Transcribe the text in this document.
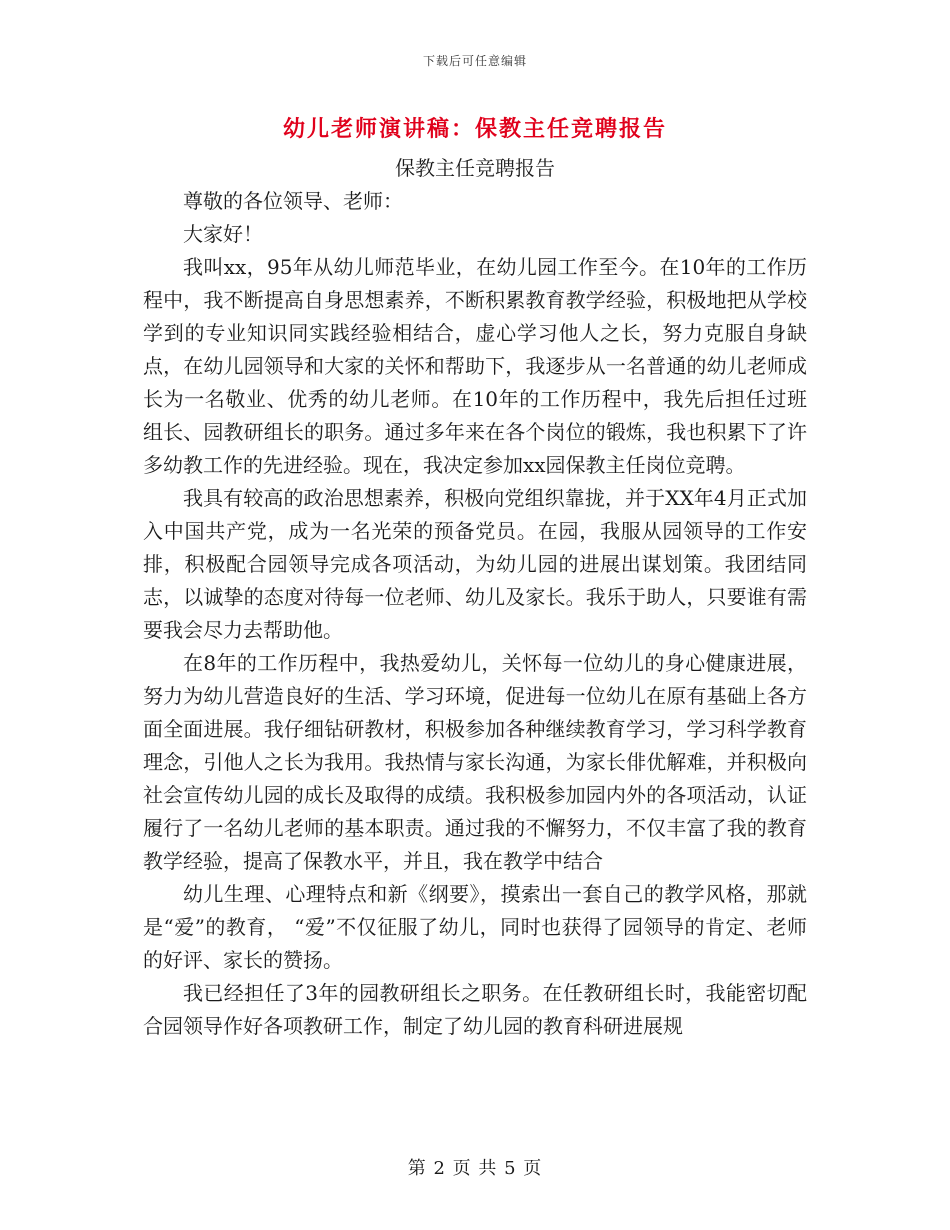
下载后可任意编辑
幼儿老师演讲稿：保教主任竞聘报告

保教主任竞聘报告

尊敬的各位领导、老师：

大家好！

我叫xx，95年从幼儿师范毕业，在幼儿园工作至今。在10年的工作历程中，我不断提高自身思想素养，不断积累教育教学经验，积极地把从学校学到的专业知识同实践经验相结合，虚心学习他人之长，努力克服自身缺点，在幼儿园领导和大家的关怀和帮助下，我逐步从一名普通的幼儿老师成长为一名敬业、优秀的幼儿老师。在10年的工作历程中，我先后担任过班组长、园教研组长的职务。通过多年来在各个岗位的锻炼，我也积累下了许多幼教工作的先进经验。现在，我决定参加xx园保教主任岗位竞聘。

我具有较高的政治思想素养，积极向党组织靠拢，并于XX年4月正式加入中国共产党，成为一名光荣的预备党员。在园，我服从园领导的工作安排，积极配合园领导完成各项活动，为幼儿园的进展出谋划策。我团结同志，以诚挚的态度对待每一位老师、幼儿及家长。我乐于助人，只要谁有需要我会尽力去帮助他。

在8年的工作历程中，我热爱幼儿，关怀每一位幼儿的身心健康进展，努力为幼儿营造良好的生活、学习环境，促进每一位幼儿在原有基础上各方面全面进展。我仔细钻研教材，积极参加各种继续教育学习，学习科学教育理念，引他人之长为我用。我热情与家长沟通，为家长俳优解难，并积极向社会宣传幼儿园的成长及取得的成绩。我积极参加园内外的各项活动，认证履行了一名幼儿老师的基本职责。通过我的不懈努力，不仅丰富了我的教育教学经验，提高了保教水平，并且，我在教学中结合

幼儿生理、心理特点和新《纲要》，摸索出一套自己的教学风格，那就是“爱”的教育， “爱”不仅征服了幼儿，同时也获得了园领导的肯定、老师的好评、家长的赞扬。

我已经担任了3年的园教研组长之职务。在任教研组长时，我能密切配合园领导作好各项教研工作，制定了幼儿园的教育科研进展规

第 2 页 共 5 页
